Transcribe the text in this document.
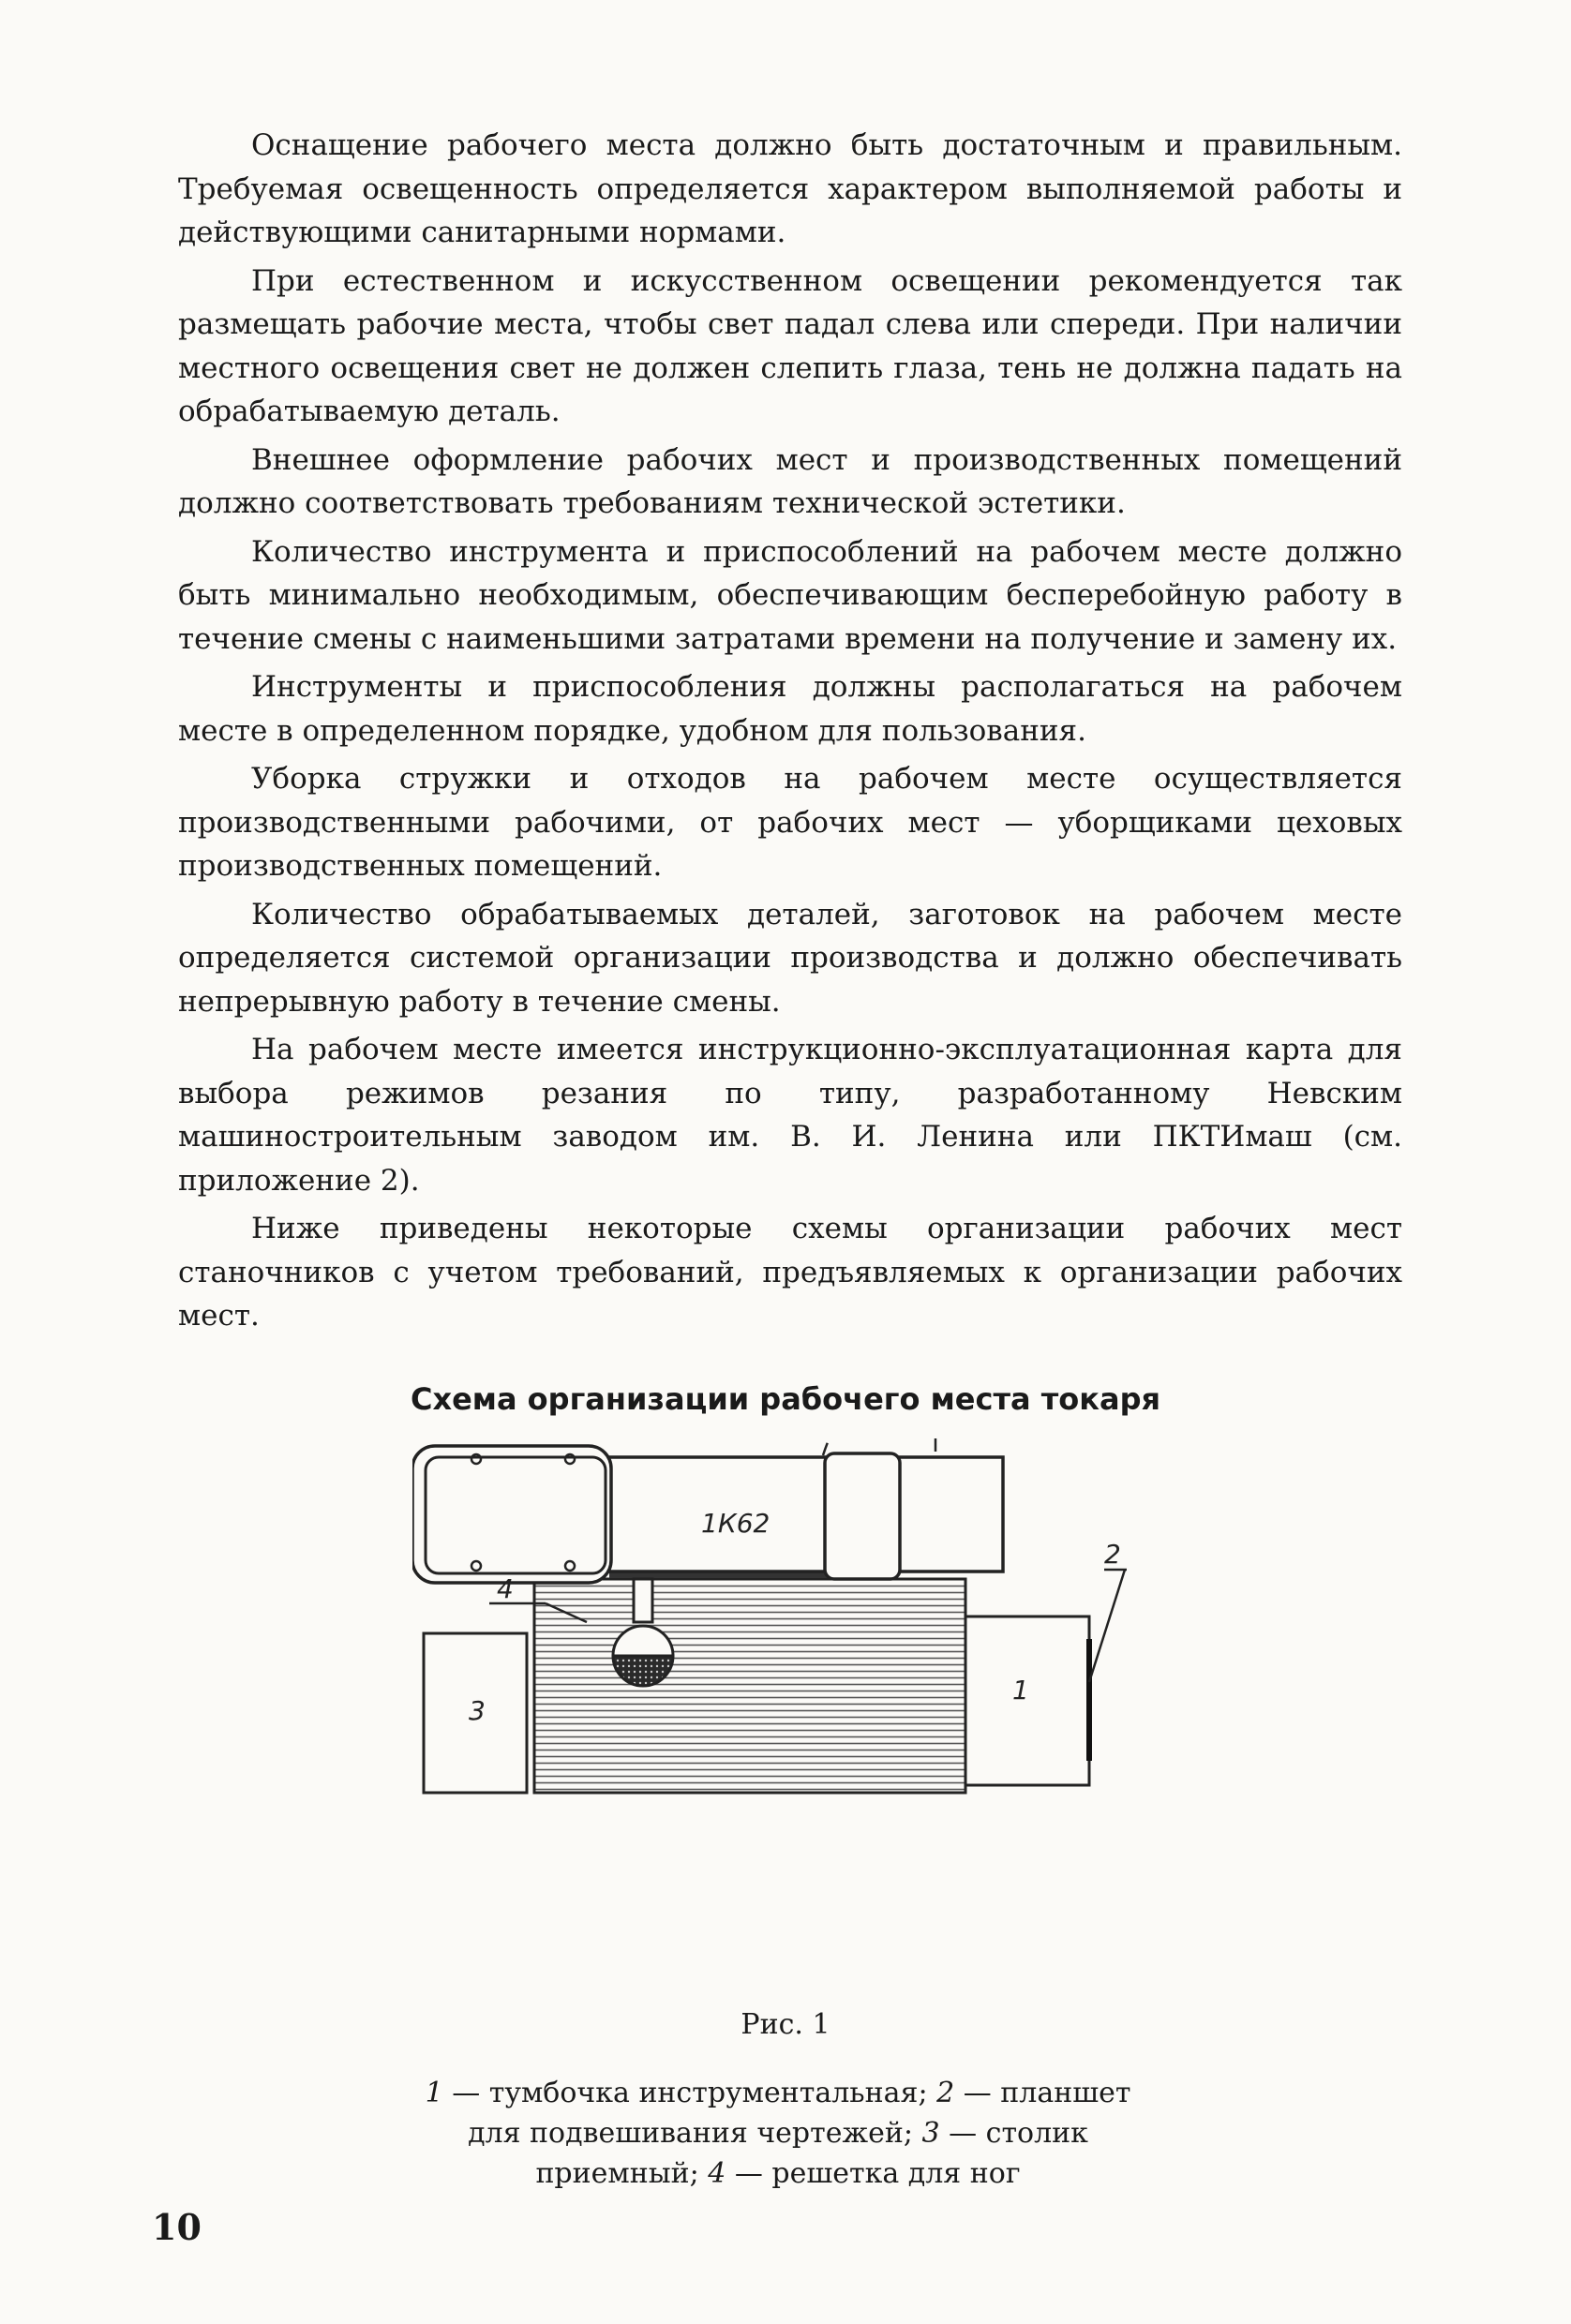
Оснащение рабочего места должно быть достаточным и правильным. Требуемая освещенность определяется характером выполняемой работы и действующими санитарными нормами.

При естественном и искусственном освещении рекомендуется так размещать рабочие места, чтобы свет падал слева или спереди. При наличии местного освещения свет не должен слепить глаза, тень не должна падать на обрабатываемую деталь.

Внешнее оформление рабочих мест и производственных помещений должно соответствовать требованиям технической эстетики.

Количество инструмента и приспособлений на рабочем месте должно быть минимально необходимым, обеспечивающим бесперебойную работу в течение смены с наименьшими затратами времени на получение и замену их.

Инструменты и приспособления должны располагаться на рабочем месте в определенном порядке, удобном для пользования.

Уборка стружки и отходов на рабочем месте осуществляется производственными рабочими, от рабочих мест — уборщиками цеховых производственных помещений.

Количество обрабатываемых деталей, заготовок на рабочем месте определяется системой организации производства и должно обеспечивать непрерывную работу в течение смены.

На рабочем месте имеется инструкционно-эксплуатационная карта для выбора режимов резания по типу, разработанному Невским машиностроительным заводом им. В. И. Ленина или ПКТИмаш (см. приложение 2).

Ниже приведены некоторые схемы организации рабочих мест станочников с учетом требований, предъявляемых к организации рабочих мест.

Схема организации рабочего места токаря
1К62
3
1
2
4
Рис. 1
1 — тумбочка инструментальная; 2 — планшет для подвешивания чертежей; 3 — столик приемный; 4 — решетка для ног
10
